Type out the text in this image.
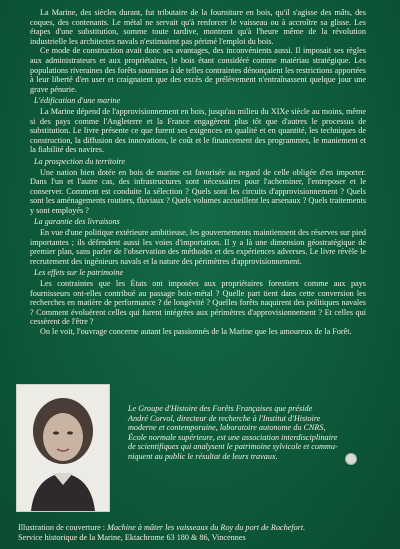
La Marine, des siècles durant, fut tributaire de la fourniture en bois, qu'il s'agisse des mâts, des coques, des contenants. Le métal ne servait qu'à renforcer le vaisseau ou à accroître sa glisse. Les étapes d'une substitution, somme toute tardive, montrent qu'à l'heure même de la révolution industrielle les architectes navals n'estimaient pas périmé l'emploi du bois.

Ce mode de construction avait donc ses avantages, des inconvénients aussi. Il imposait ses règles aux administrateurs et aux propriétaires, le bois étant considéré comme matériau stratégique. Les populations riveraines des forêts soumises à de telles contraintes dénonçaient les restrictions apportées à leur liberté d'en user et craignaient que des excès de prélèvement n'entraînassent quelque jour une grave pénurie.

L'édification d'une marine

La Marine dépend de l'approvisionnement en bois, jusqu'au milieu du XIXe siècle au moins, même si des pays comme l'Angleterre et la France engagèrent plus tôt que d'autres le processus de substitution. Le livre présente ce que furent ses exigences en qualité et en quantité, les techniques de construction, la diffusion des innovations, le coût et le financement des programmes, le maniement et la fiabilité des navires.

La prospection du territoire

Une nation bien dotée en bois de marine est favorisée au regard de celle obligée d'en importer. Dans l'un et l'autre cas, des infrastructures sont nécessaires pour l'acheminer, l'entreposer et le conserver. Comment est conduite la sélection ? Quels sont les circuits d'approvisionnement ? Quels sont les aménagements routiers, fluviaux ? Quels volumes accueillent les arsenaux ? Quels traitements y sont employés ?

La garantie des livraisons

En vue d'une politique extérieure ambitieuse, les gouvernements maintiennent des réserves sur pied importantes ; ils défendent aussi les voies d'importation. Il y a là une dimension géostratégique de premier plan, sans parler de l'observation des méthodes et des expériences adverses. Le livre révèle le recrutement des ingénieurs navals et la nature des périmètres d'approvisionnement.

Les effets sur le patrimoine

Les contraintes que les États ont imposées aux propriétaires forestiers comme aux pays fournisseurs ont-elles contribué au passage bois-métal ? Quelle part tient dans cette conversion les recherches en matière de performance ? de longévité ? Quelles forêts naquirent des politiques navales ? Comment évoluèrent celles qui furent intégrées aux périmètres d'approvisionnement ? Et celles qui cessèrent de l'être ?

On le voit, l'ouvrage concerne autant les passionnés de la Marine que les amoureux de la Forêt.

Le Groupe d'Histoire des Forêts Françaises que préside
André Corvol, directeur de recherche à l'Institut d'Histoire
moderne et contemporaine, laboratoire autonome du CNRS,
École normale supérieure, est une association interdisciplinaire
de scientifiques qui analysent le patrimoine sylvicole et commu-
niquent au public le résultat de leurs travaux.
Illustration de couverture : Machine à mâter les vaisseaux du Roy du port de Rochefort.
Service historique de la Marine, Ektachrome 63 180 & 86, Vincennes
